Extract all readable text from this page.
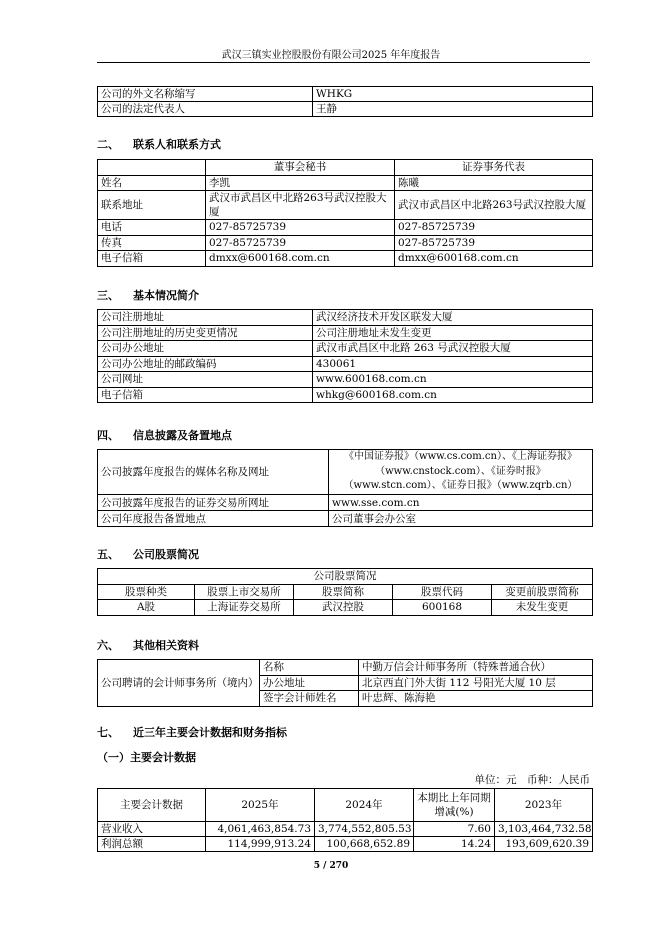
武汉三镇实业控股股份有限公司2025 年年度报告
公司的外文名称缩写	WHKG
公司的法定代表人	王静
二、 联系人和联系方式
	董事会秘书	证券事务代表
姓名	李凯	陈曦
联系地址	武汉市武昌区中北路263号武汉控股大厦	武汉市武昌区中北路263号武汉控股大厦
电话	027-85725739	027-85725739
传真	027-85725739	027-85725739
电子信箱	dmxx@600168.com.cn	dmxx@600168.com.cn
三、 基本情况简介
公司注册地址	武汉经济技术开发区联发大厦
公司注册地址的历史变更情况	公司注册地址未发生变更
公司办公地址	武汉市武昌区中北路 263 号武汉控股大厦
公司办公地址的邮政编码	430061
公司网址	www.600168.com.cn
电子信箱	whkg@600168.com.cn
四、 信息披露及备置地点
公司披露年度报告的媒体名称及网址	《中国证券报》（www.cs.com.cn）、《上海证券报》（www.cnstock.com）、《证券时报》（www.stcn.com）、《证券日报》（www.zqrb.cn）
公司披露年度报告的证券交易所网址	www.sse.com.cn
公司年度报告备置地点	公司董事会办公室
五、 公司股票简况
公司股票简况				
股票种类	股票上市交易所	股票简称	股票代码	变更前股票简称
A股	上海证券交易所	武汉控股	600168	未发生变更
六、 其他相关资料
公司聘请的会计师事务所（境内）	名称	中勤万信会计师事务所（特殊普通合伙）
	办公地址	北京西直门外大街 112 号阳光大厦 10 层
	签字会计师姓名	叶忠辉、陈海艳
七、 近三年主要会计数据和财务指标
（一）主要会计数据
单位：元　币种：人民币
主要会计数据	2025年	2024年	本期比上年同期增减(%)	2023年
营业收入	4,061,463,854.73	3,774,552,805.53	7.60	3,103,464,732.58
利润总额	114,999,913.24	100,668,652.89	14.24	193,609,620.39
5 / 270
